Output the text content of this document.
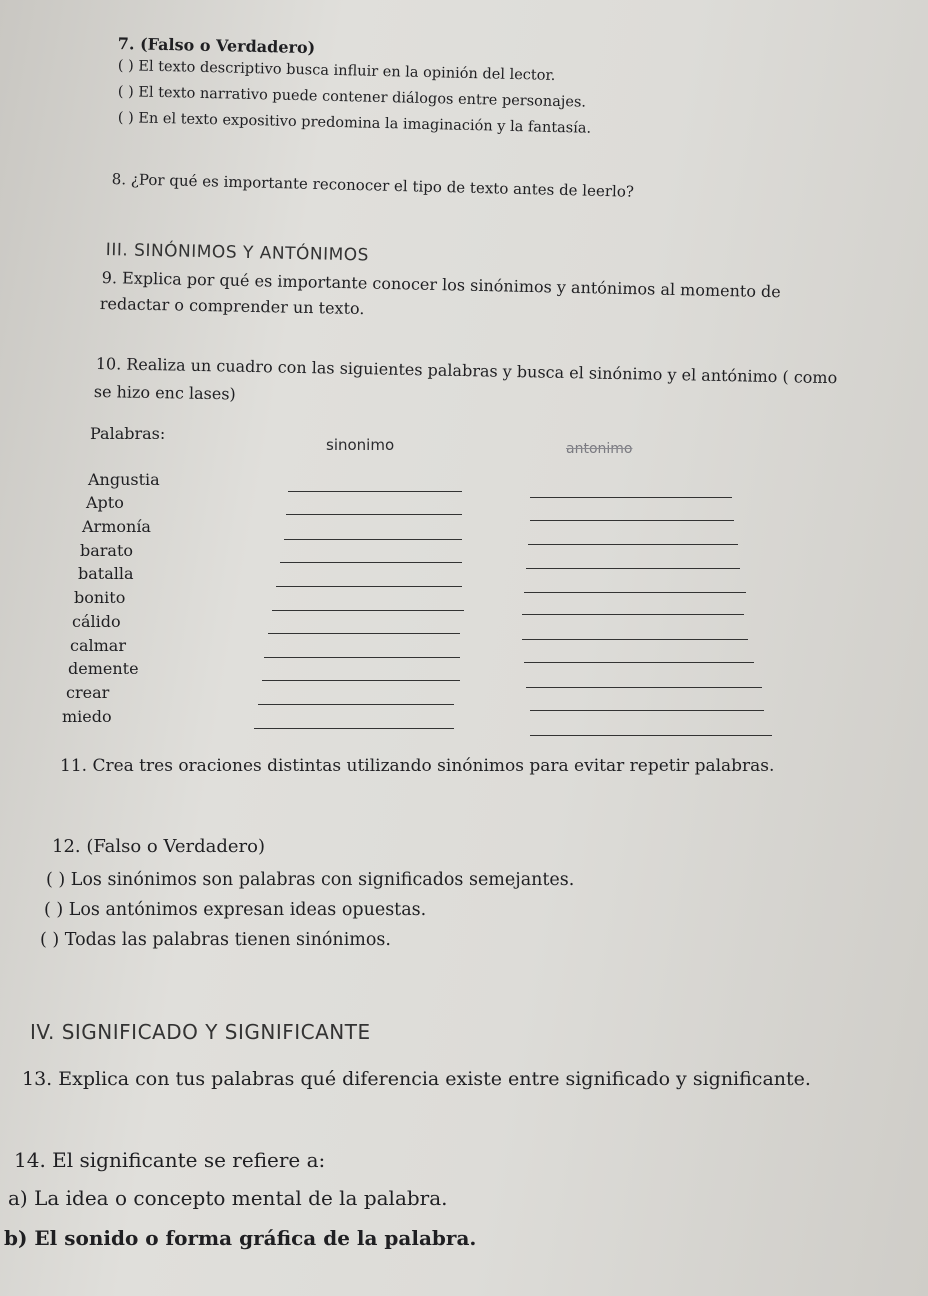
7. (Falso o Verdadero)
( ) El texto descriptivo busca influir en la opinión del lector.
( ) El texto narrativo puede contener diálogos entre personajes.
( ) En el texto expositivo predomina la imaginación y la fantasía.
8. ¿Por qué es importante reconocer el tipo de texto antes de leerlo?
III. SINÓNIMOS Y ANTÓNIMOS
9. Explica por qué es importante conocer los sinónimos y antónimos al momento de
redactar o comprender un texto.
10. Realiza un cuadro con las siguientes palabras y busca el sinónimo y el antónimo ( como
se hizo enc lases)
Palabras:
sinonimo	antonimo
Angustia
Apto
Armonía
barato
batalla
bonito
cálido
calmar
demente
crear
miedo
11. Crea tres oraciones distintas utilizando sinónimos para evitar repetir palabras.
12. (Falso o Verdadero)
( ) Los sinónimos son palabras con significados semejantes.
( ) Los antónimos expresan ideas opuestas.
( ) Todas las palabras tienen sinónimos.
IV. SIGNIFICADO Y SIGNIFICANTE
13. Explica con tus palabras qué diferencia existe entre significado y significante.
14. El significante se refiere a:
a) La idea o concepto mental de la palabra.
b) El sonido o forma gráfica de la palabra.
